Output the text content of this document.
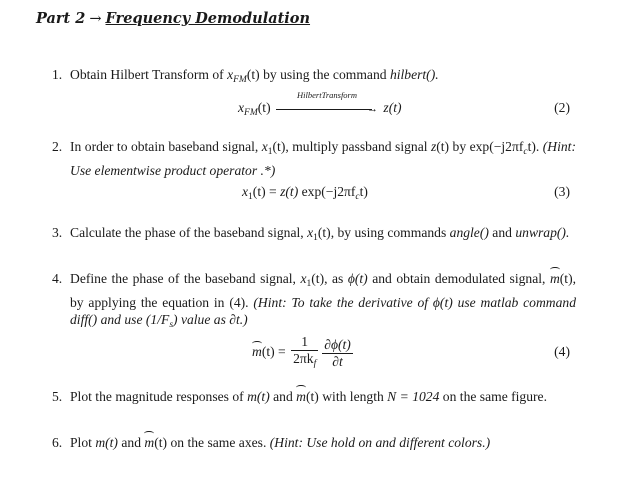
Part 2 → Frequency Demodulation
1. Obtain Hilbert Transform of $x_{FM}(t)$ by using the command hilbert().
$x_{FM}(t)$
HilbertTransform
→ z(t)	(2)
2. In order to obtain baseband signal, $x_1(t)$, multiply passband signal z(t) by $\exp(-j2\pi f_ct)$. (Hint: Use elementwise product operator .*)
$x_1(t) = z(t)$ $\exp(-j2\pi f_ct)$	(3)
3. Calculate the phase of the baseband signal, $x_1(t)$, by using commands angle() and unwrap().
4. Define the phase of the baseband signal, $x_1(t)$, as ϕ(t) and obtain demodulated signal, m(t), by applying the equation in (4). (Hint: To take the derivative of ϕ(t) use matlab command diff() and use $(1/F_s)$ value as ∂t.)
$m(t) = \frac{1}{2\pi k_f} \frac{\partial\phi(t)}{\partial t}$	(4)
5. Plot the magnitude responses of m(t) and m(t) with length N = 1024 on the same figure.
6. Plot m(t) and m(t) on the same axes. (Hint: Use hold on and different colors.)
